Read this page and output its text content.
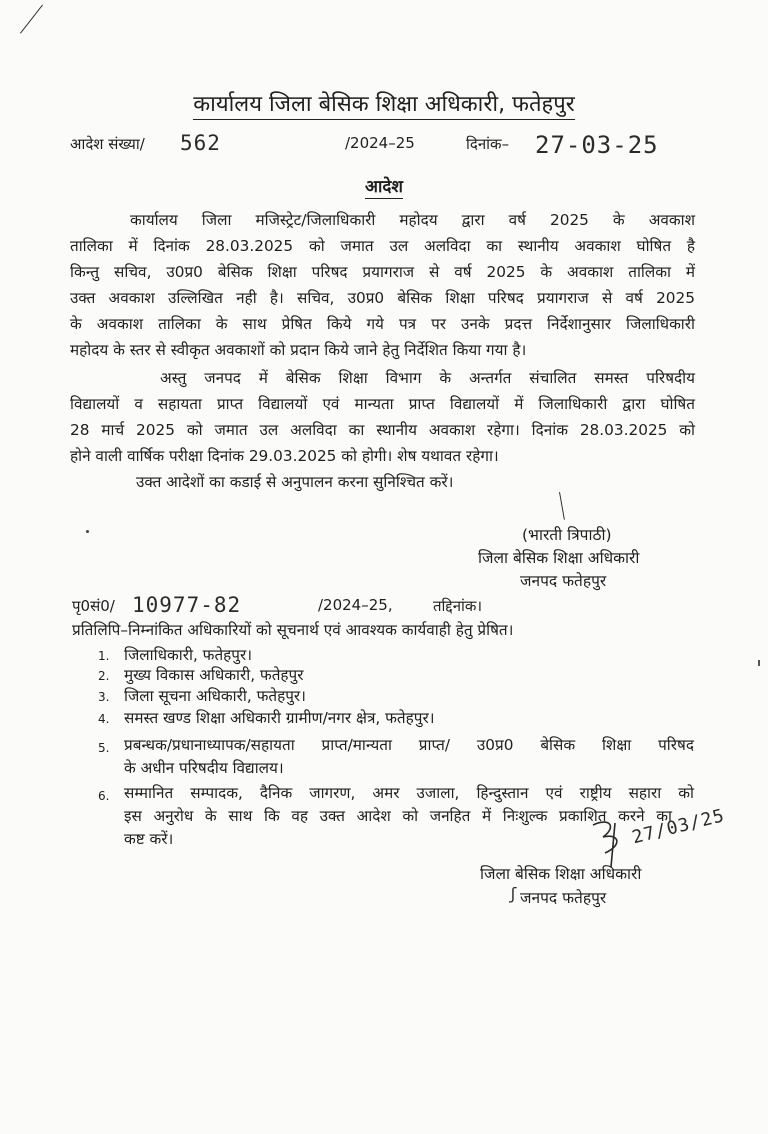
कार्यालय जिला बेसिक शिक्षा अधिकारी, फतेहपुर
आदेश संख्या/ 562	/2024–25	दिनांक– 27-03-25
आदेश
कार्यालय जिला मजिस्ट्रेट/जिलाधिकारी महोदय द्वारा वर्ष 2025 के अवकाश
तालिका में दिनांक 28.03.2025 को जमात उल अलविदा का स्थानीय अवकाश घोषित है
किन्तु सचिव, उ0प्र0 बेसिक शिक्षा परिषद प्रयागराज से वर्ष 2025 के अवकाश तालिका में
उक्त अवकाश उल्लिखित नही है। सचिव, उ0प्र0 बेसिक शिक्षा परिषद प्रयागराज से वर्ष 2025
के अवकाश तालिका के साथ प्रेषित किये गये पत्र पर उनके प्रदत्त निर्देशानुसार जिलाधिकारी
महोदय के स्तर से स्वीकृत अवकाशों को प्रदान किये जाने हेतु निर्देशित किया गया है।
अस्तु जनपद में बेसिक शिक्षा विभाग के अन्तर्गत संचालित समस्त परिषदीय
विद्यालयों व सहायता प्राप्त विद्यालयों एवं मान्यता प्राप्त विद्यालयों में जिलाधिकारी द्वारा घोषित
28 मार्च 2025 को जमात उल अलविदा का स्थानीय अवकाश रहेगा। दिनांक 28.03.2025 को
होने वाली वार्षिक परीक्षा दिनांक 29.03.2025 को होगी। शेष यथावत रहेगा।
उक्त आदेशों का कडाई से अनुपालन करना सुनिश्चित करें।
(भारती त्रिपाठी)
जिला बेसिक शिक्षा अधिकारी
जनपद फतेहपुर
पृ0सं0/ 10977-82	/2024–25,	तद्दिनांक।
प्रतिलिपि–निम्नांकित अधिकारियों को सूचनार्थ एवं आवश्यक कार्यवाही हेतु प्रेषित।
1. जिलाधिकारी, फतेहपुर।
2. मुख्य विकास अधिकारी, फतेहपुर
3. जिला सूचना अधिकारी, फतेहपुर।
4. समस्त खण्ड शिक्षा अधिकारी ग्रामीण/नगर क्षेत्र, फतेहपुर।
5. प्रबन्धक/प्रधानाध्यापक/सहायता प्राप्त/मान्यता प्राप्त/ उ0प्र0 बेसिक शिक्षा परिषद
के अधीन परिषदीय विद्यालय।
6. सम्मानित सम्पादक, दैनिक जागरण, अमर उजाला, हिन्दुस्तान एवं राष्ट्रीय सहारा को
इस अनुरोध के साथ कि वह उक्त आदेश को जनहित में निःशुल्क प्रकाशित करने का
कष्ट करें।	27/03/25
जिला बेसिक शिक्षा अधिकारी
जनपद फतेहपुर
ʃ
